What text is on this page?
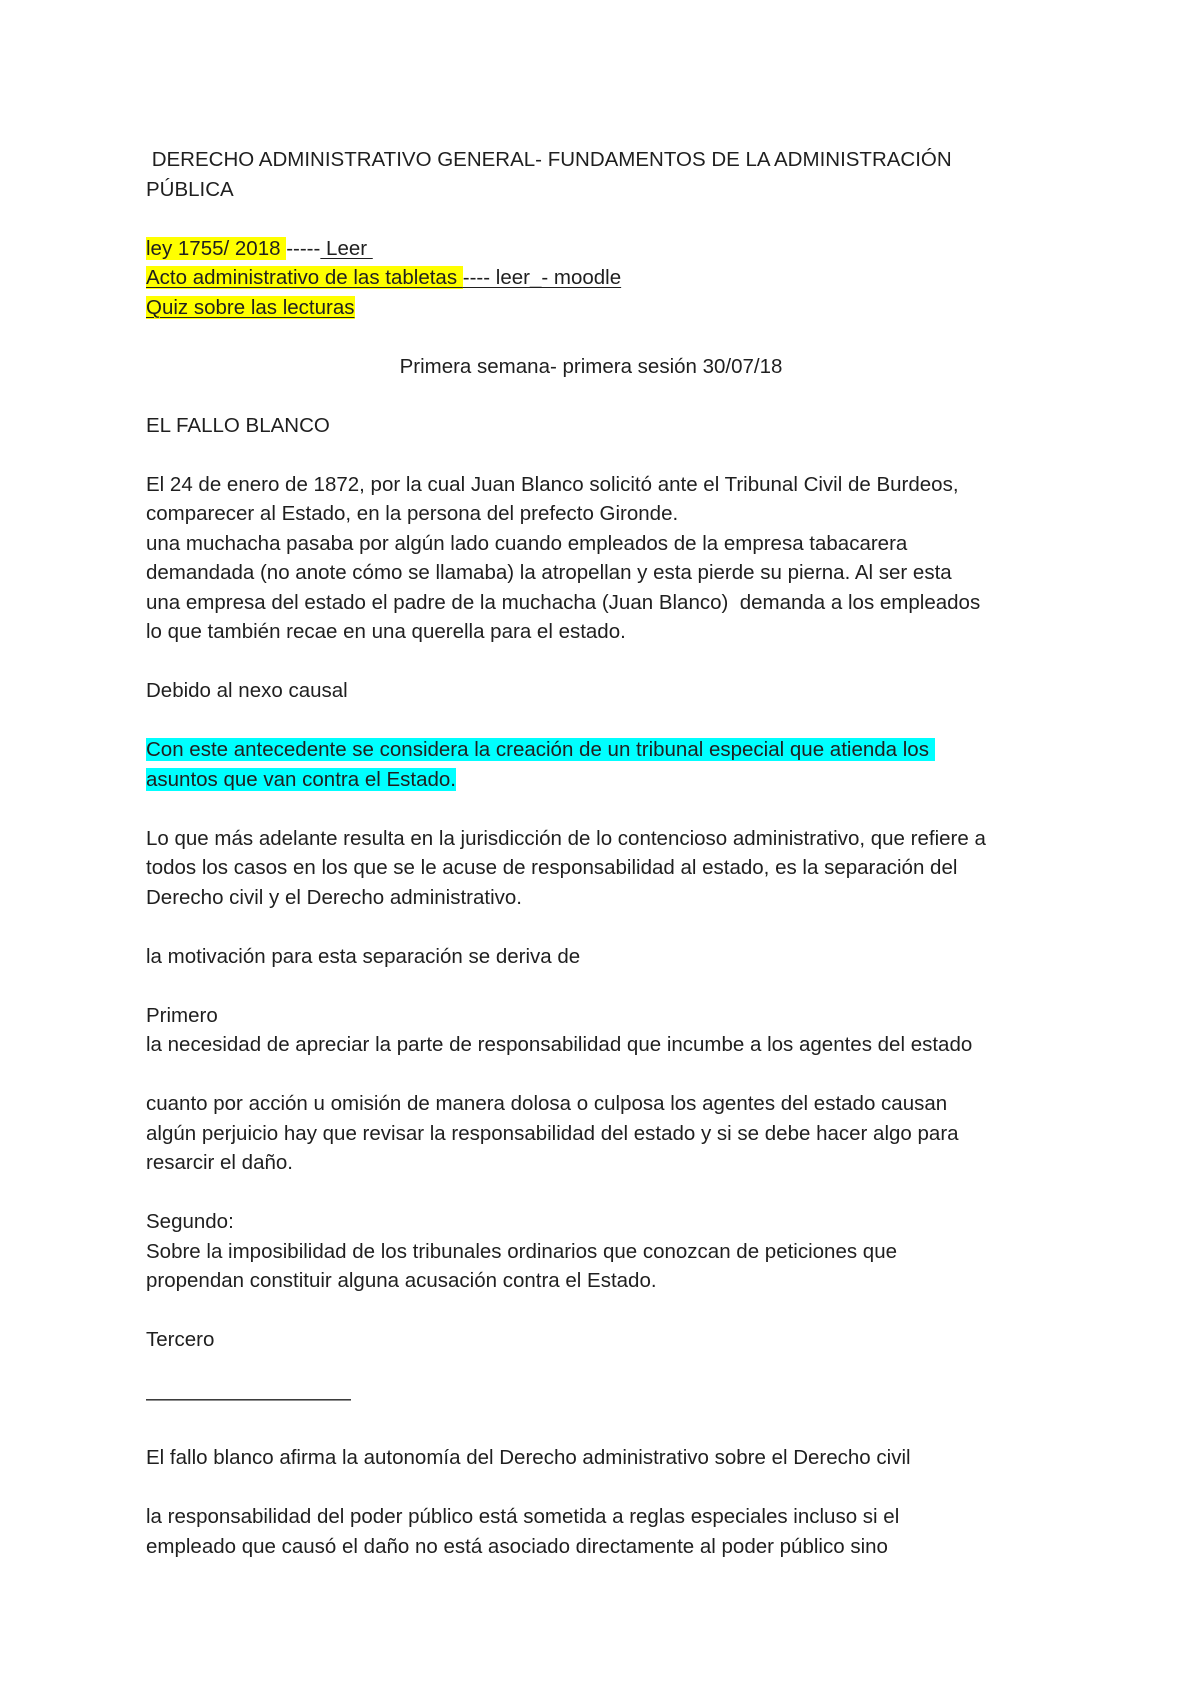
DERECHO ADMINISTRATIVO GENERAL- FUNDAMENTOS DE LA ADMINISTRACIÓN

PÚBLICA

ley 1755/ 2018 ----- Leer

Acto administrativo de las tabletas ---- leer_- moodle

Quiz sobre las lecturas

Primera semana- primera sesión 30/07/18

EL FALLO BLANCO

El 24 de enero de 1872, por la cual Juan Blanco solicitó ante el Tribunal Civil de Burdeos,

comparecer al Estado, en la persona del prefecto Gironde.

una muchacha pasaba por algún lado cuando empleados de la empresa tabacarera

demandada (no anote cómo se llamaba) la atropellan y esta pierde su pierna. Al ser esta

una empresa del estado el padre de la muchacha (Juan Blanco)  demanda a los empleados

lo que también recae en una querella para el estado.

Debido al nexo causal

Con este antecedente se considera la creación de un tribunal especial que atienda los

asuntos que van contra el Estado.

Lo que más adelante resulta en la jurisdicción de lo contencioso administrativo, que refiere a

todos los casos en los que se le acuse de responsabilidad al estado, es la separación del

Derecho civil y el Derecho administrativo.

la motivación para esta separación se deriva de

Primero

la necesidad de apreciar la parte de responsabilidad que incumbe a los agentes del estado

cuanto por acción u omisión de manera dolosa o culposa los agentes del estado causan

algún perjuicio hay que revisar la responsabilidad del estado y si se debe hacer algo para

resarcir el daño.

Segundo:

Sobre la imposibilidad de los tribunales ordinarios que conozcan de peticiones que

propendan constituir alguna acusación contra el Estado.

Tercero

——————————

El fallo blanco afirma la autonomía del Derecho administrativo sobre el Derecho civil

la responsabilidad del poder público está sometida a reglas especiales incluso si el

empleado que causó el daño no está asociado directamente al poder público sino
